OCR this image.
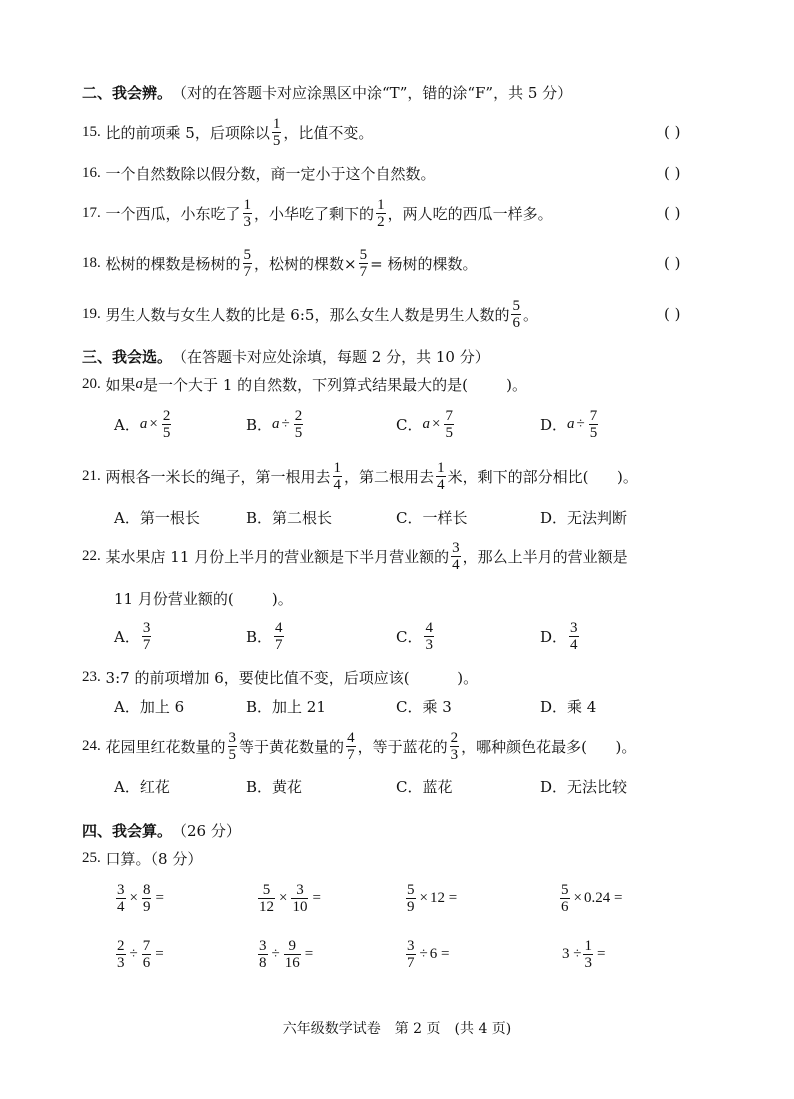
二、我会辨。 （对的在答题卡对应涂黑区中涂“T”，错的涂“F”，共 5 分）
15.
比的前项乘 5，后项除以 $\frac{1}{5}$ ，比值不变。	( )
16.
一个自然数除以假分数，商一定小于这个自然数。	( )
17.
一个西瓜，小东吃了 $\frac{1}{3}$ ，小华吃了剩下的 $\frac{1}{2}$ ，两人吃的西瓜一样多。	( )
18.
松树的棵数是杨树的 $\frac{5}{7}$ ，松树的棵数× $\frac{5}{7}$ = 杨树的棵数。	( )
19.
男生人数与女生人数的比是 6:5，那么女生人数是男生人数的 $\frac{5}{6}$ 。	( )
三、我会选。 （在答题卡对应处涂填，每题 2 分，共 10 分）
20.
如果 a 是一个大于 1 的自然数，下列算式结果最大的是(
	)。
A． $a \times \frac{2}{5}$	B． $a \div \frac{2}{5}$	C． $a \times \frac{7}{5}$	D． $a \div \frac{7}{5}$
21.
两根各一米长的绳子，第一根用去 $\frac{1}{4}$ ，第二根用去 $\frac{1}{4}$ 米，剩下的部分相比(
)。
A．第一根长	B．第二根长	C．一样长	D．无法判断
22.
某水果店 11 月份上半月的营业额是下半月营业额的 $\frac{3}{4}$ ，那么上半月的营业额是
11 月份营业额的(        )。
A． $\frac{3}{7}$	B． $\frac{4}{7}$	C． $\frac{4}{3}$	D． $\frac{3}{4}$
23.
3:7 的前项增加 6，要使比值不变，后项应该(          )。
A．加上 6	B．加上 21	C．乘 3	D．乘 4
24.
花园里红花数量的 $\frac{3}{5}$ 等于黄花数量的 $\frac{4}{7}$ ，等于蓝花的 $\frac{2}{3}$ ，哪种颜色花最多(      )。
A．红花	B．黄花	C．蓝花	D．无法比较
四、我会算。 （26 分）
25.
口算。（8 分）
$\frac{3}{4} \times \frac{8}{9}$ =	$\frac{5}{12} \times \frac{3}{10}$ =	$\frac{5}{9} \times 12$ =	$\frac{5}{6} \times 0.24$ =
$\frac{2}{3} \div \frac{7}{6}$ =	$\frac{3}{8} \div \frac{9}{16}$ =	$\frac{3}{7} \div 6$ =	$3 \div \frac{1}{3}$ =
六年级数学试卷　第 2 页　(共 4 页)
